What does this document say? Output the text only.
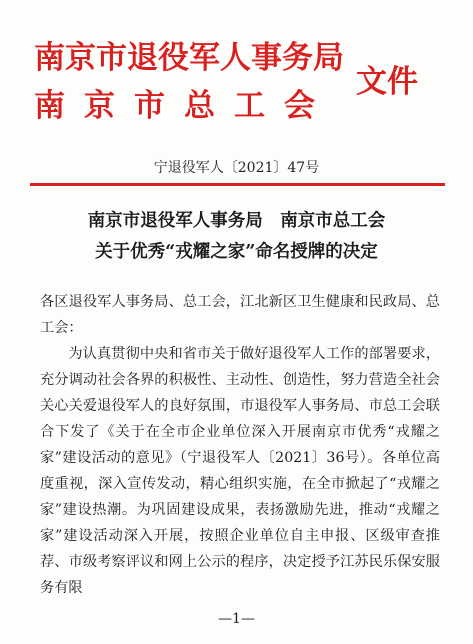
南京市退役军人事务局
南京市总工会
文件
宁退役军人〔2021〕47号
南京市退役军人事务局　南京市总工会
关于优秀“戎耀之家”命名授牌的决定

各区退役军人事务局、总工会，江北新区卫生健康和民政局、总工会：

为认真贯彻中央和省市关于做好退役军人工作的部署要求，充分调动社会各界的积极性、主动性、创造性，努力营造全社会关心关爱退役军人的良好氛围，市退役军人事务局、市总工会联合下发了《关于在全市企业单位深入开展南京市优秀“戎耀之家”建设活动的意见》（宁退役军人〔2021〕36号）。各单位高度重视，深入宣传发动，精心组织实施，在全市掀起了“戎耀之家”建设热潮。为巩固建设成果，表扬激励先进，推动“戎耀之家”建设活动深入开展，按照企业单位自主申报、区级审查推荐、市级考察评议和网上公示的程序，决定授予江苏民乐保安服务有限

—1—
